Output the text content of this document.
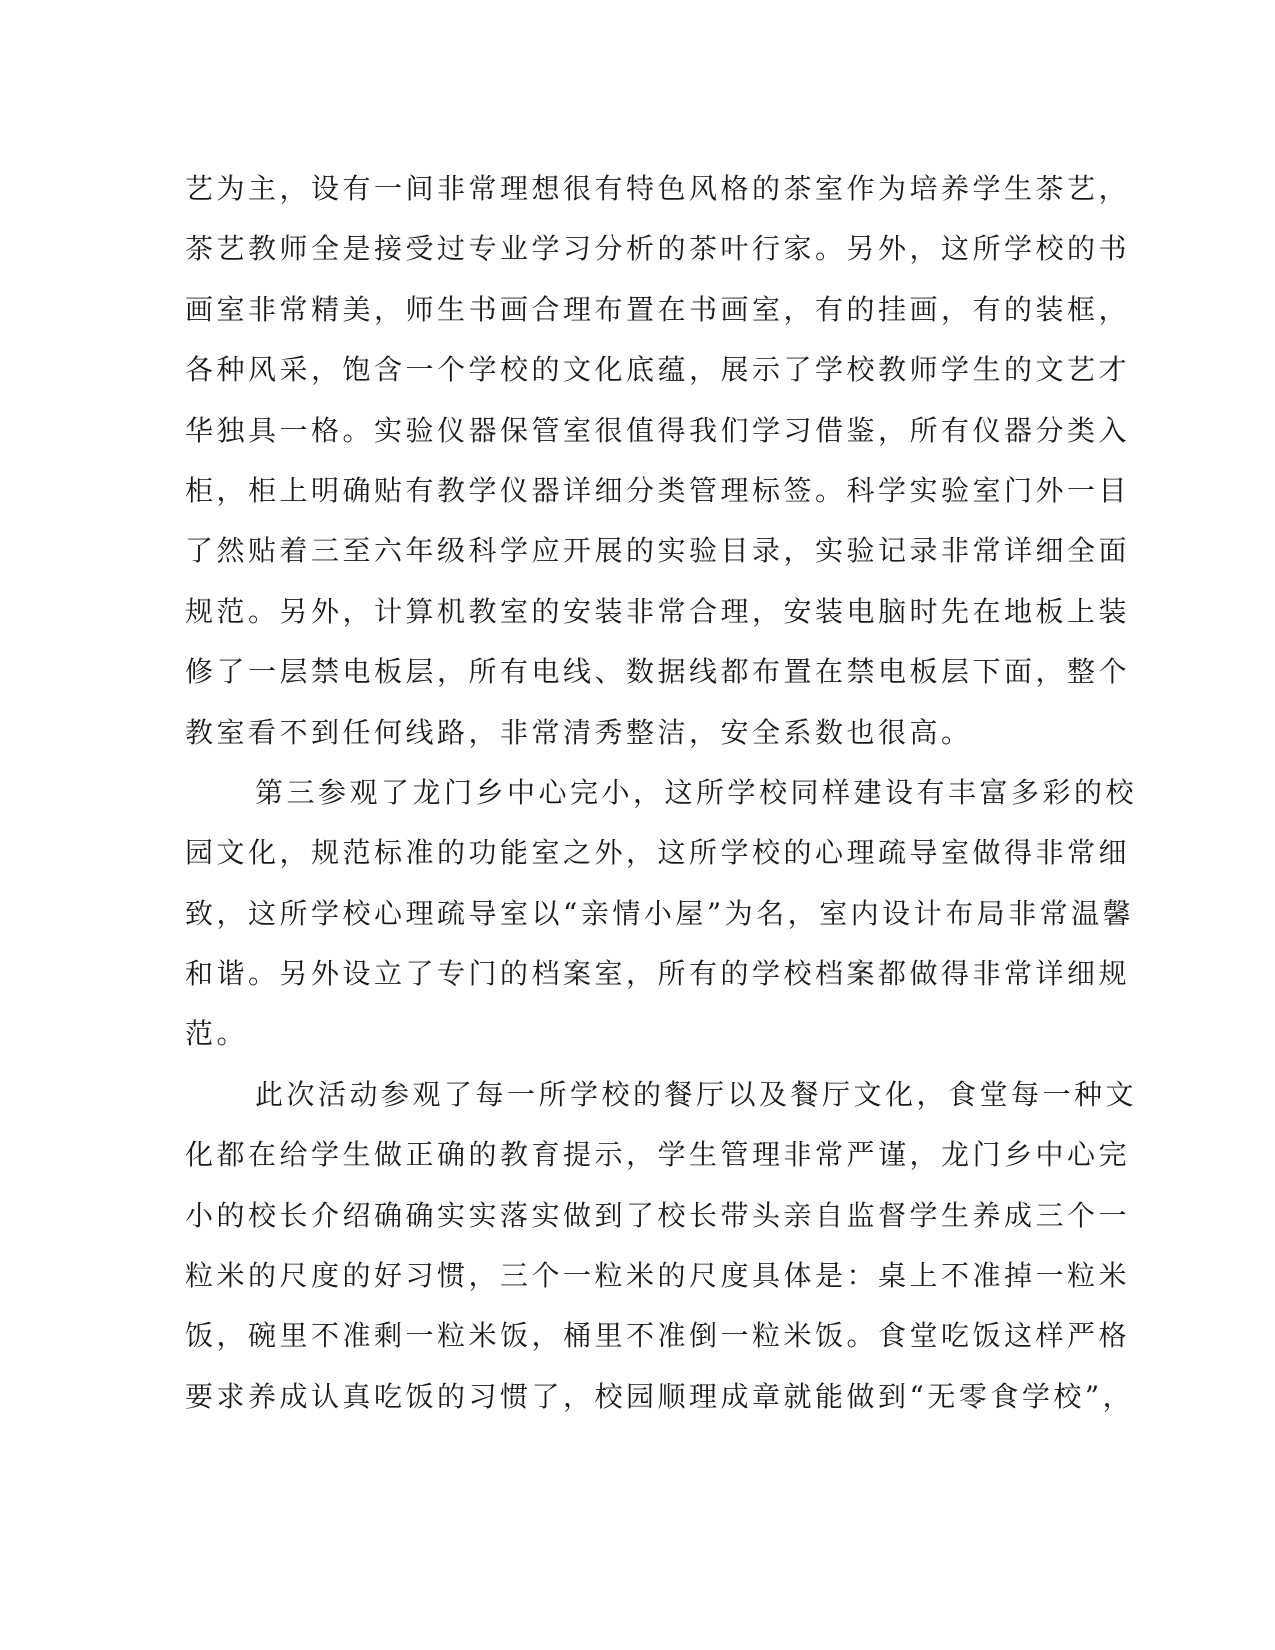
艺为主，设有一间非常理想很有特色风格的茶室作为培养学生茶艺，
茶艺教师全是接受过专业学习分析的茶叶行家。另外，这所学校的书
画室非常精美，师生书画合理布置在书画室，有的挂画，有的装框，
各种风采，饱含一个学校的文化底蕴，展示了学校教师学生的文艺才
华独具一格。实验仪器保管室很值得我们学习借鉴，所有仪器分类入
柜，柜上明确贴有教学仪器详细分类管理标签。科学实验室门外一目
了然贴着三至六年级科学应开展的实验目录，实验记录非常详细全面
规范。另外，计算机教室的安装非常合理，安装电脑时先在地板上装
修了一层禁电板层，所有电线、数据线都布置在禁电板层下面，整个
教室看不到任何线路，非常清秀整洁，安全系数也很高。
第三参观了龙门乡中心完小，这所学校同样建设有丰富多彩的校
园文化，规范标准的功能室之外，这所学校的心理疏导室做得非常细
致，这所学校心理疏导室以“亲情小屋”为名，室内设计布局非常温馨
和谐。另外设立了专门的档案室，所有的学校档案都做得非常详细规
范。
此次活动参观了每一所学校的餐厅以及餐厅文化，食堂每一种文
化都在给学生做正确的教育提示，学生管理非常严谨，龙门乡中心完
小的校长介绍确确实实落实做到了校长带头亲自监督学生养成三个一
粒米的尺度的好习惯，三个一粒米的尺度具体是：桌上不准掉一粒米
饭，碗里不准剩一粒米饭，桶里不准倒一粒米饭。食堂吃饭这样严格
要求养成认真吃饭的习惯了，校园顺理成章就能做到“无零食学校”，
